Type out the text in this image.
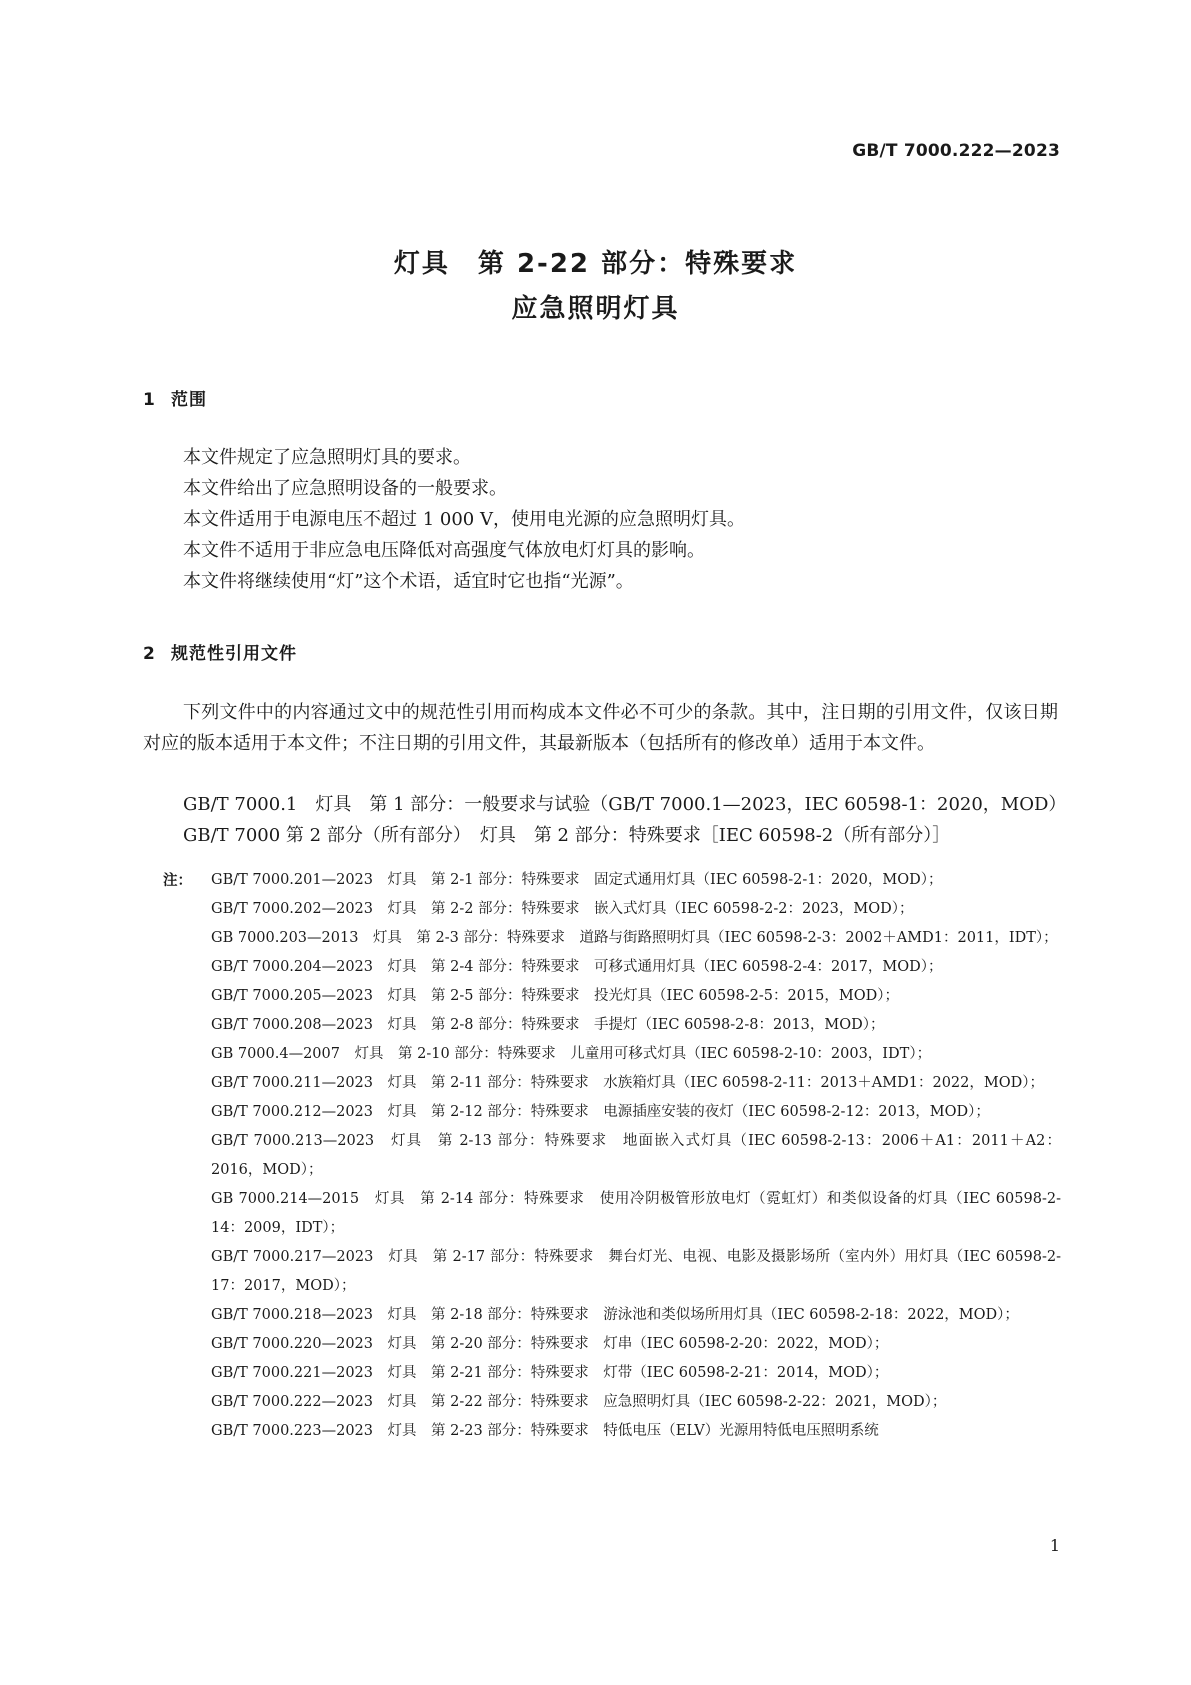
GB/T 7000.222—2023

灯具　第 2-22 部分：特殊要求
应急照明灯具
1 范围
本文件规定了应急照明灯具的要求。
本文件给出了应急照明设备的一般要求。
本文件适用于电源电压不超过 1 000 V，使用电光源的应急照明灯具。
本文件不适用于非应急电压降低对高强度气体放电灯灯具的影响。
本文件将继续使用“灯”这个术语，适宜时它也指“光源”。
2 规范性引用文件

下列文件中的内容通过文中的规范性引用而构成本文件必不可少的条款。其中，注日期的引用文件，仅该日期对应的版本适用于本文件；不注日期的引用文件，其最新版本（包括所有的修改单）适用于本文件。

GB/T 7000.1　灯具　第 1 部分：一般要求与试验（GB/T 7000.1—2023，IEC 60598-1：2020，MOD）
GB/T 7000 第 2 部分（所有部分）　灯具　第 2 部分：特殊要求［IEC 60598-2（所有部分）］
注：	GB/T 7000.201—2023　灯具　第 2-1 部分：特殊要求　固定式通用灯具（IEC 60598-2-1：2020，MOD）；
GB/T 7000.202—2023　灯具　第 2-2 部分：特殊要求　嵌入式灯具（IEC 60598-2-2：2023，MOD）；
GB 7000.203—2013　灯具　第 2-3 部分：特殊要求　道路与街路照明灯具（IEC 60598-2-3：2002＋AMD1：2011，IDT）；
GB/T 7000.204—2023　灯具　第 2-4 部分：特殊要求　可移式通用灯具（IEC 60598-2-4：2017，MOD）；
GB/T 7000.205—2023　灯具　第 2-5 部分：特殊要求　投光灯具（IEC 60598-2-5：2015，MOD）；
GB/T 7000.208—2023　灯具　第 2-8 部分：特殊要求　手提灯（IEC 60598-2-8：2013，MOD）；
GB 7000.4—2007　灯具　第 2-10 部分：特殊要求　儿童用可移式灯具（IEC 60598-2-10：2003，IDT）；
GB/T 7000.211—2023　灯具　第 2-11 部分：特殊要求　水族箱灯具（IEC 60598-2-11：2013＋AMD1：2022，MOD）；
GB/T 7000.212—2023　灯具　第 2-12 部分：特殊要求　电源插座安装的夜灯（IEC 60598-2-12：2013，MOD）；
GB/T 7000.213—2023　灯具　第 2-13 部分：特殊要求　地面嵌入式灯具（IEC 60598-2-13：2006＋A1：2011＋A2：2016，MOD）；
GB 7000.214—2015　灯具　第 2-14 部分：特殊要求　使用冷阴极管形放电灯（霓虹灯）和类似设备的灯具（IEC 60598-2-14：2009，IDT）；
GB/T 7000.217—2023　灯具　第 2-17 部分：特殊要求　舞台灯光、电视、电影及摄影场所（室内外）用灯具（IEC 60598-2-17：2017，MOD）；
GB/T 7000.218—2023　灯具　第 2-18 部分：特殊要求　游泳池和类似场所用灯具（IEC 60598-2-18：2022，MOD）；
GB/T 7000.220—2023　灯具　第 2-20 部分：特殊要求　灯串（IEC 60598-2-20：2022，MOD）；
GB/T 7000.221—2023　灯具　第 2-21 部分：特殊要求　灯带（IEC 60598-2-21：2014，MOD）；
GB/T 7000.222—2023　灯具　第 2-22 部分：特殊要求　应急照明灯具（IEC 60598-2-22：2021，MOD）；
GB/T 7000.223—2023　灯具　第 2-23 部分：特殊要求　特低电压（ELV）光源用特低电压照明系统

1
